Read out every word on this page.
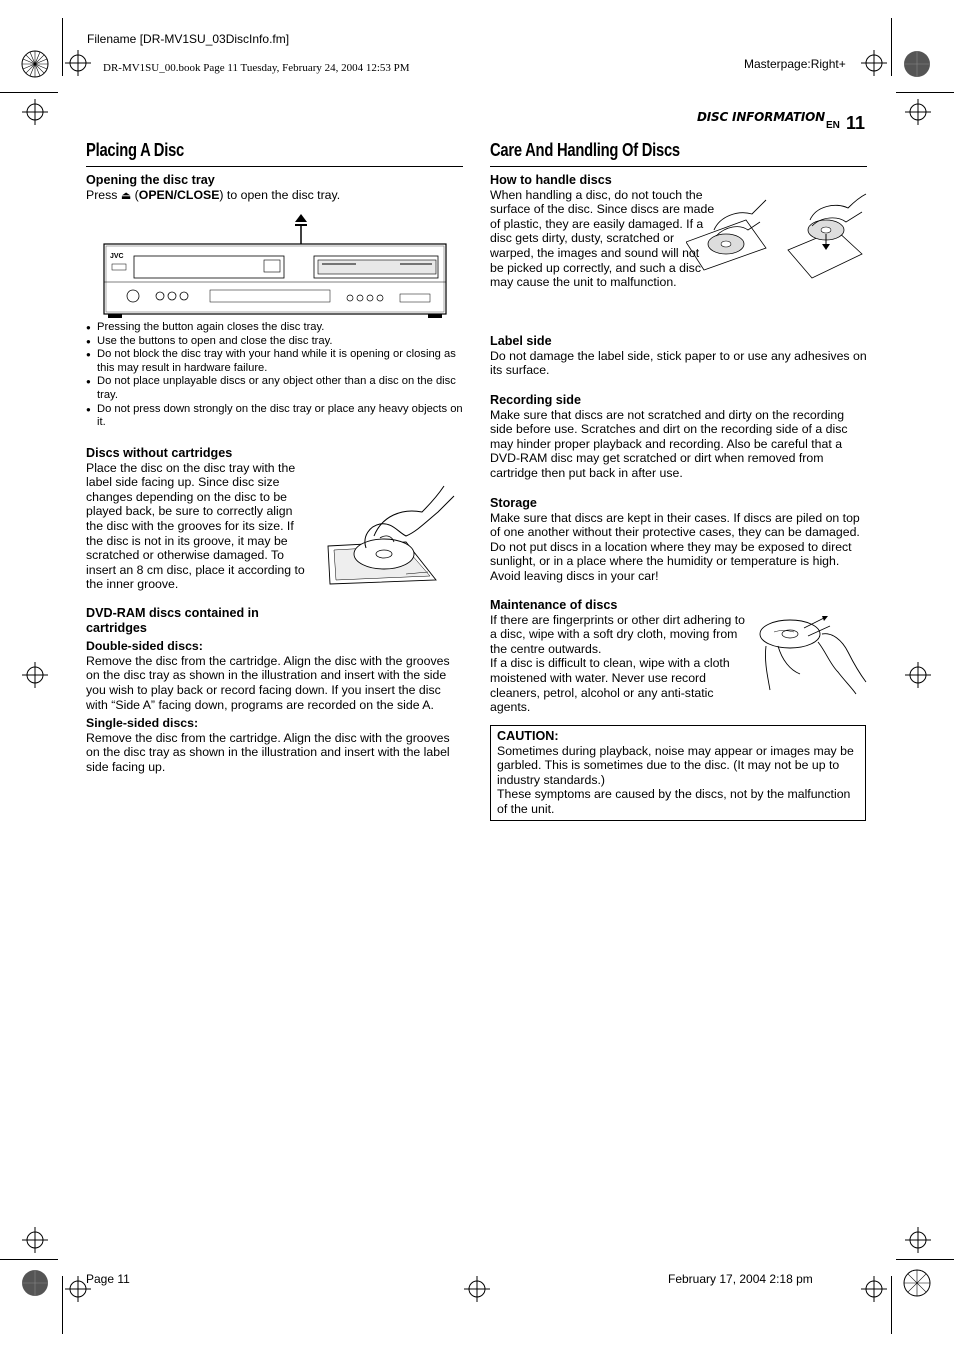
Filename [DR-MV1SU_03DiscInfo.fm]
DR-MV1SU_00.book Page 11 Tuesday, February 24, 2004 12:53 PM	Masterpage:Right+
DISC INFORMATION
EN 11
Placing A Disc

Opening the disc tray

Press ⏏ (OPEN/CLOSE) to open the disc tray.

JVC
● Pressing the button again closes the disc tray.
● Use the buttons to open and close the disc tray.
● Do not block the disc tray with your hand while it is opening or closing as this may result in hardware failure.
● Do not place unplayable discs or any object other than a disc on the disc tray.
● Do not press down strongly on the disc tray or place any heavy objects on it.

Discs without cartridges

Place the disc on the disc tray with the label side facing up. Since disc size changes depending on the disc to be played back, be sure to correctly align the disc with the grooves for its size. If the disc is not in its groove, it may be scratched or otherwise damaged. To insert an 8 cm disc, place it according to the inner groove.

DVD-RAM discs contained in cartridges

Double-sided discs:

Remove the disc from the cartridge. Align the disc with the grooves on the disc tray as shown in the illustration and insert with the side you wish to play back or record facing down. If you insert the disc with “Side A” facing down, programs are recorded on the side A.

Single-sided discs:

Remove the disc from the cartridge. Align the disc with the grooves on the disc tray as shown in the illustration and insert with the label side facing up.

Care And Handling Of Discs

How to handle discs

When handling a disc, do not touch the surface of the disc. Since discs are made of plastic, they are easily damaged. If a disc gets dirty, dusty, scratched or warped, the images and sound will not be picked up correctly, and such a disc may cause the unit to malfunction.

Label side

Do not damage the label side, stick paper to or use any adhesives on its surface.

Recording side

Make sure that discs are not scratched and dirty on the recording side before use. Scratches and dirt on the recording side of a disc may hinder proper playback and recording. Also be careful that a DVD-RAM disc may get scratched or dirt when removed from cartridge then put back in after use.

Storage

Make sure that discs are kept in their cases. If discs are piled on top of one another without their protective cases, they can be damaged. Do not put discs in a location where they may be exposed to direct sunlight, or in a place where the humidity or temperature is high. Avoid leaving discs in your car!

Maintenance of discs

If there are fingerprints or other dirt adhering to a disc, wipe with a soft dry cloth, moving from the centre outwards.

If a disc is difficult to clean, wipe with a cloth moistened with water. Never use record cleaners, petrol, alcohol or any anti-static agents.

CAUTION:

Sometimes during playback, noise may appear or images may be garbled. This is sometimes due to the disc. (It may not be up to industry standards.)

These symptoms are caused by the discs, not by the malfunction of the unit.

Page 11	February 17, 2004 2:18 pm
